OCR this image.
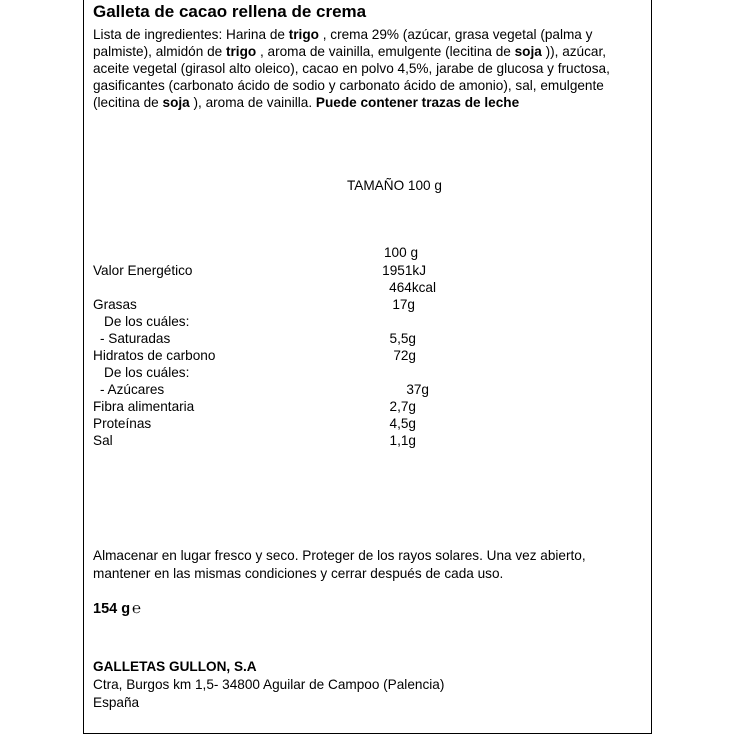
Galleta de cacao rellena de crema
Lista de ingredientes: Harina de trigo , crema 29% (azúcar, grasa vegetal (palma y palmiste), almidón de trigo , aroma de vainilla, emulgente (lecitina de soja )), azúcar, aceite vegetal (girasol alto oleico), cacao en polvo 4,5%, jarabe de glucosa y fructosa, gasificantes (carbonato ácido de sodio y carbonato ácido de amonio), sal, emulgente (lecitina de soja ), aroma de vainilla. Puede contener trazas de leche
TAMAÑO 100 g
100 g
Valor Energético	1951kJ
464kcal
Grasas	17g
De los cuáles:
- Saturadas	5,5g
Hidratos de carbono	72g
De los cuáles:
- Azúcares	37g
Fibra alimentaria	2,7g
Proteínas	4,5g
Sal	1,1g
Almacenar en lugar fresco y seco. Proteger de los rayos solares. Una vez abierto, mantener en las mismas condiciones y cerrar después de cada uso.
154 g ℮
GALLETAS GULLON, S.A
Ctra, Burgos km 1,5- 34800 Aguilar de Campoo (Palencia)
España
